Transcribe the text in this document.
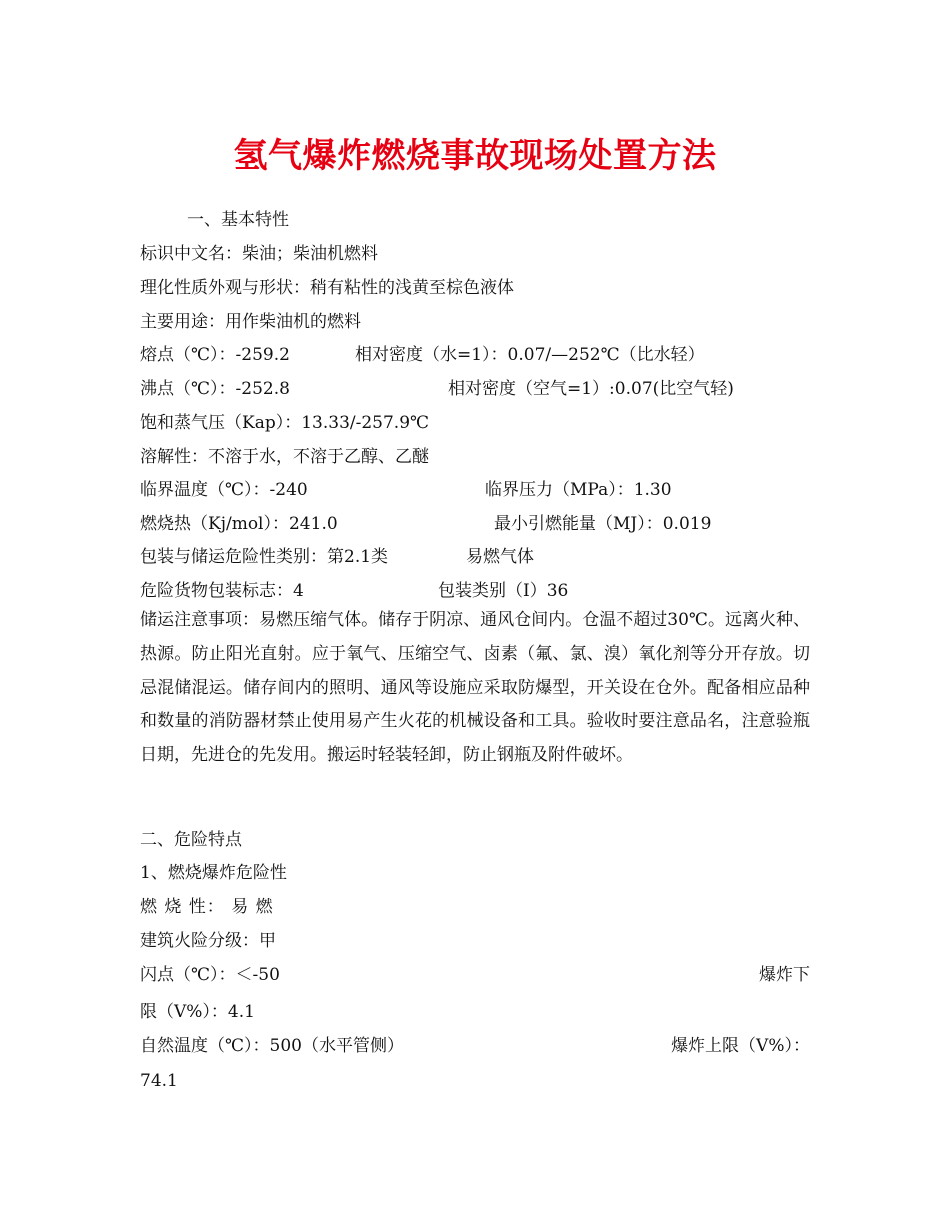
氢气爆炸燃烧事故现场处置方法
一、基本特性
标识中文名：柴油；柴油机燃料
理化性质外观与形状：稍有粘性的浅黄至棕色液体
主要用途：用作柴油机的燃料
熔点（℃）：-259.2	相对密度（水=1）：0.07/—252℃（比水轻）
沸点（℃）：-252.8	相对密度（空气=1）:0.07(比空气轻)
饱和蒸气压（Kap）：13.33/-257.9℃
溶解性：不溶于水，不溶于乙醇、乙醚
临界温度（℃）：-240	临界压力（MPa）：1.30
燃烧热（Kj/mol）：241.0	最小引燃能量（MJ）：0.019
包装与储运危险性类别：第2.1类	易燃气体
危险货物包装标志：4	包装类别（Ⅰ）36
储运注意事项：易燃压缩气体。储存于阴凉、通风仓间内。仓温不超过30℃。远离火种、热源。防止阳光直射。应于氧气、压缩空气、卤素（氟、氯、溴）氧化剂等分开存放。切忌混储混运。储存间内的照明、通风等设施应采取防爆型，开关设在仓外。配备相应品种和数量的消防器材禁止使用易产生火花的机械设备和工具。验收时要注意品名，注意验瓶日期，先进仓的先发用。搬运时轻装轻卸，防止钢瓶及附件破坏。
二、危险特点
1、燃烧爆炸危险性
燃 烧 性： 易 燃
建筑火险分级：甲
闪点（℃）：＜-50	爆炸下
限（V%）：4.1
自然温度（℃）：500（水平管侧）	爆炸上限（V%）：
74.1
